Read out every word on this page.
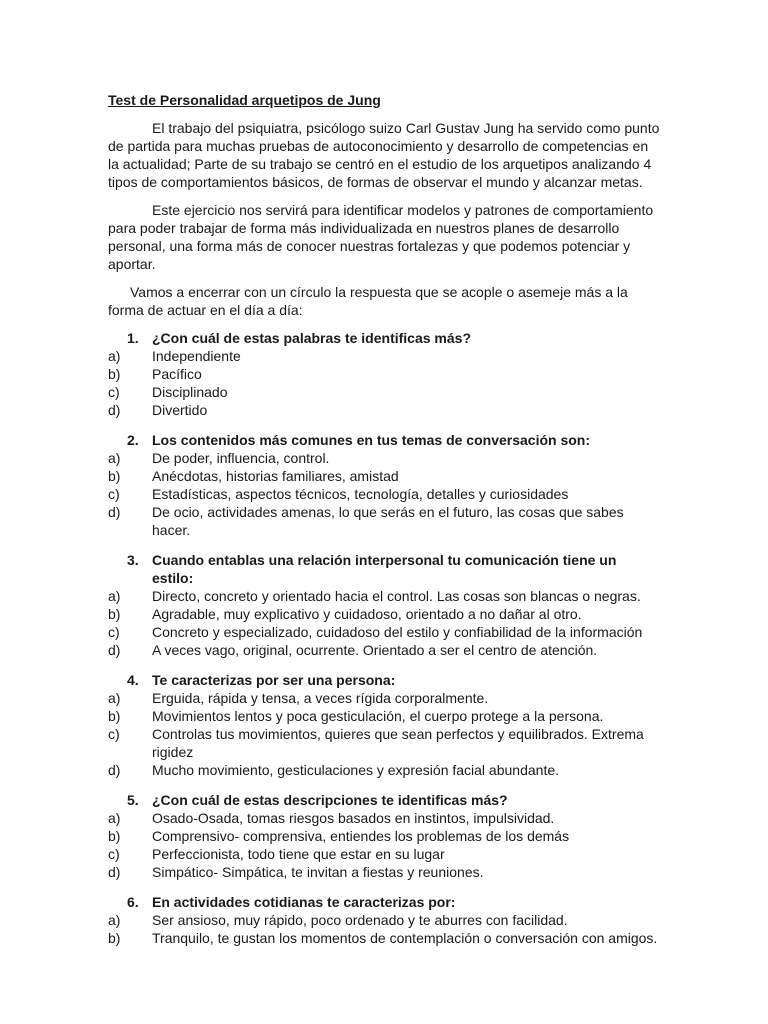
Test de Personalidad arquetipos de Jung

El trabajo del psiquiatra, psicólogo suizo Carl Gustav Jung ha servido como punto de partida para muchas pruebas de autoconocimiento y desarrollo de competencias en la actualidad; Parte de su trabajo se centró en el estudio de los arquetipos analizando 4 tipos de comportamientos básicos, de formas de observar el mundo y alcanzar metas.

Este ejercicio nos servirá para identificar modelos y patrones de comportamiento para poder trabajar de forma más individualizada en nuestros planes de desarrollo personal, una forma más de conocer nuestras fortalezas y que podemos potenciar y aportar.

Vamos a encerrar con un círculo la respuesta que se acople o asemeje más a la forma de actuar en el día a día:

1. ¿Con cuál de estas palabras te identificas más?
a)	Independiente
b)	Pacífico
c)	Disciplinado
d)	Divertido
2. Los contenidos más comunes en tus temas de conversación son:
a)	De poder, influencia, control.
b)	Anécdotas, historias familiares, amistad
c)	Estadísticas, aspectos técnicos, tecnología, detalles y curiosidades
d)	De ocio, actividades amenas, lo que serás en el futuro, las cosas que sabes hacer.
3. Cuando entablas una relación interpersonal tu comunicación tiene un estilo:
a)	Directo, concreto y orientado hacia el control. Las cosas son blancas o negras.
b)	Agradable, muy explicativo y cuidadoso, orientado a no dañar al otro.
c)	Concreto y especializado, cuidadoso del estilo y confiabilidad de la información
d)	A veces vago, original, ocurrente. Orientado a ser el centro de atención.
4. Te caracterizas por ser una persona:
a)	Erguida, rápida y tensa, a veces rígida corporalmente.
b)	Movimientos lentos y poca gesticulación, el cuerpo protege a la persona.
c)	Controlas tus movimientos, quieres que sean perfectos y equilibrados. Extrema rigidez
d)	Mucho movimiento, gesticulaciones y expresión facial abundante.
5. ¿Con cuál de estas descripciones te identificas más?
a)	Osado-Osada, tomas riesgos basados en instintos, impulsividad.
b)	Comprensivo- comprensiva, entiendes los problemas de los demás
c)	Perfeccionista, todo tiene que estar en su lugar
d)	Simpático- Simpática, te invitan a fiestas y reuniones.
6. En actividades cotidianas te caracterizas por:
a)	Ser ansioso, muy rápido, poco ordenado y te aburres con facilidad.
b)	Tranquilo, te gustan los momentos de contemplación o conversación con amigos.
